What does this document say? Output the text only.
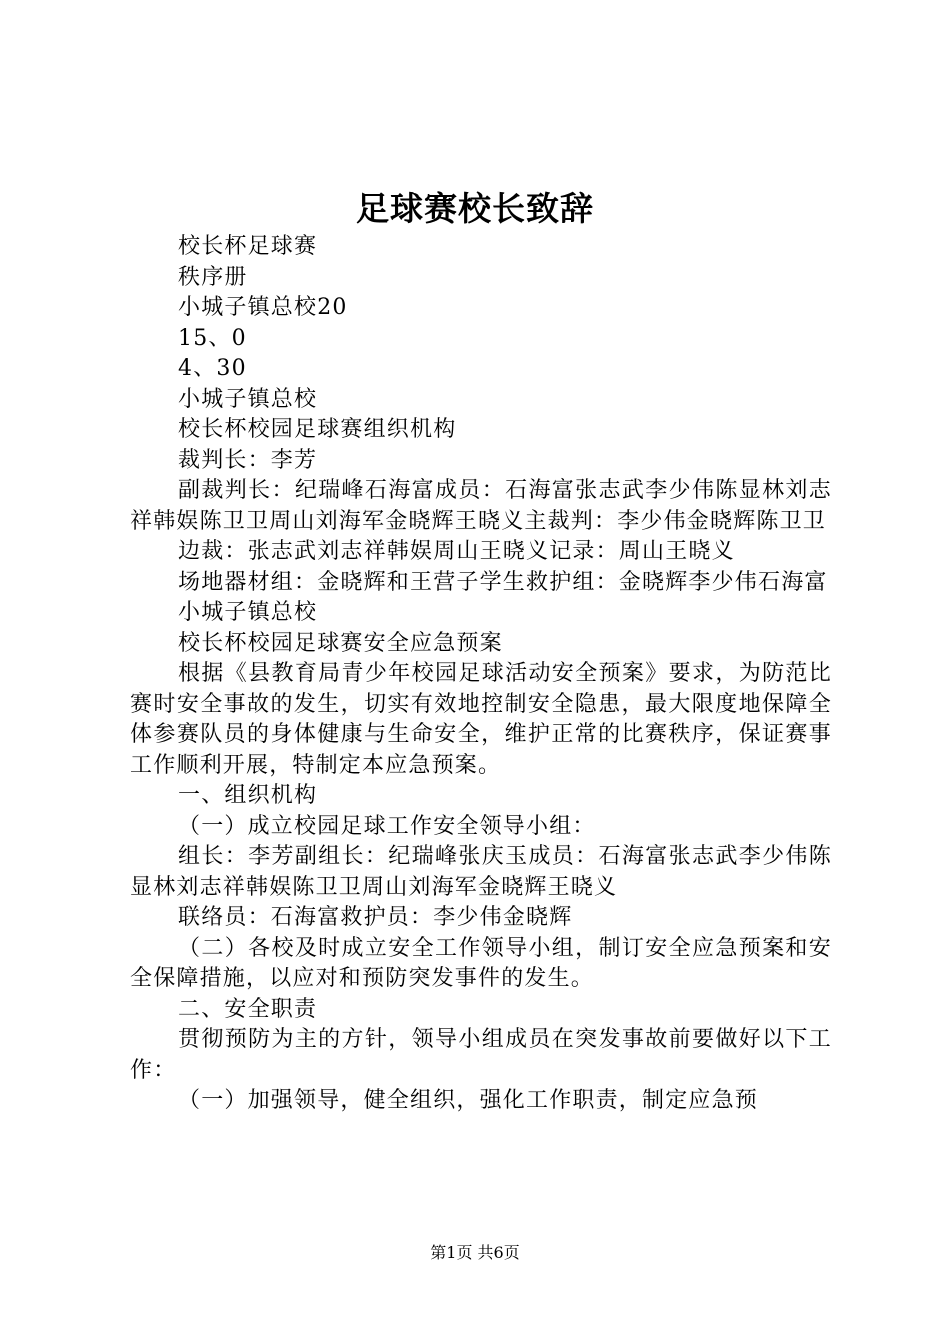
足球赛校长致辞

校长杯足球赛

秩序册

小城子镇总校20

15、0

4、30

小城子镇总校

校长杯校园足球赛组织机构

裁判长：李芳

副裁判长：纪瑞峰石海富成员：石海富张志武李少伟陈显林刘志祥韩娱陈卫卫周山刘海军金晓辉王晓义主裁判：李少伟金晓辉陈卫卫

边裁：张志武刘志祥韩娱周山王晓义记录：周山王晓义

场地器材组：金晓辉和王营子学生救护组：金晓辉李少伟石海富

小城子镇总校

校长杯校园足球赛安全应急预案

根据《县教育局青少年校园足球活动安全预案》要求，为防范比赛时安全事故的发生，切实有效地控制安全隐患，最大限度地保障全体参赛队员的身体健康与生命安全，维护正常的比赛秩序，保证赛事工作顺利开展，特制定本应急预案。

一、组织机构

（一）成立校园足球工作安全领导小组：

组长：李芳副组长：纪瑞峰张庆玉成员：石海富张志武李少伟陈显林刘志祥韩娱陈卫卫周山刘海军金晓辉王晓义

联络员：石海富救护员：李少伟金晓辉

（二）各校及时成立安全工作领导小组，制订安全应急预案和安全保障措施，以应对和预防突发事件的发生。

二、安全职责

贯彻预防为主的方针，领导小组成员在突发事故前要做好以下工作：

（一）加强领导，健全组织，强化工作职责，制定应急预

第1页 共6页
